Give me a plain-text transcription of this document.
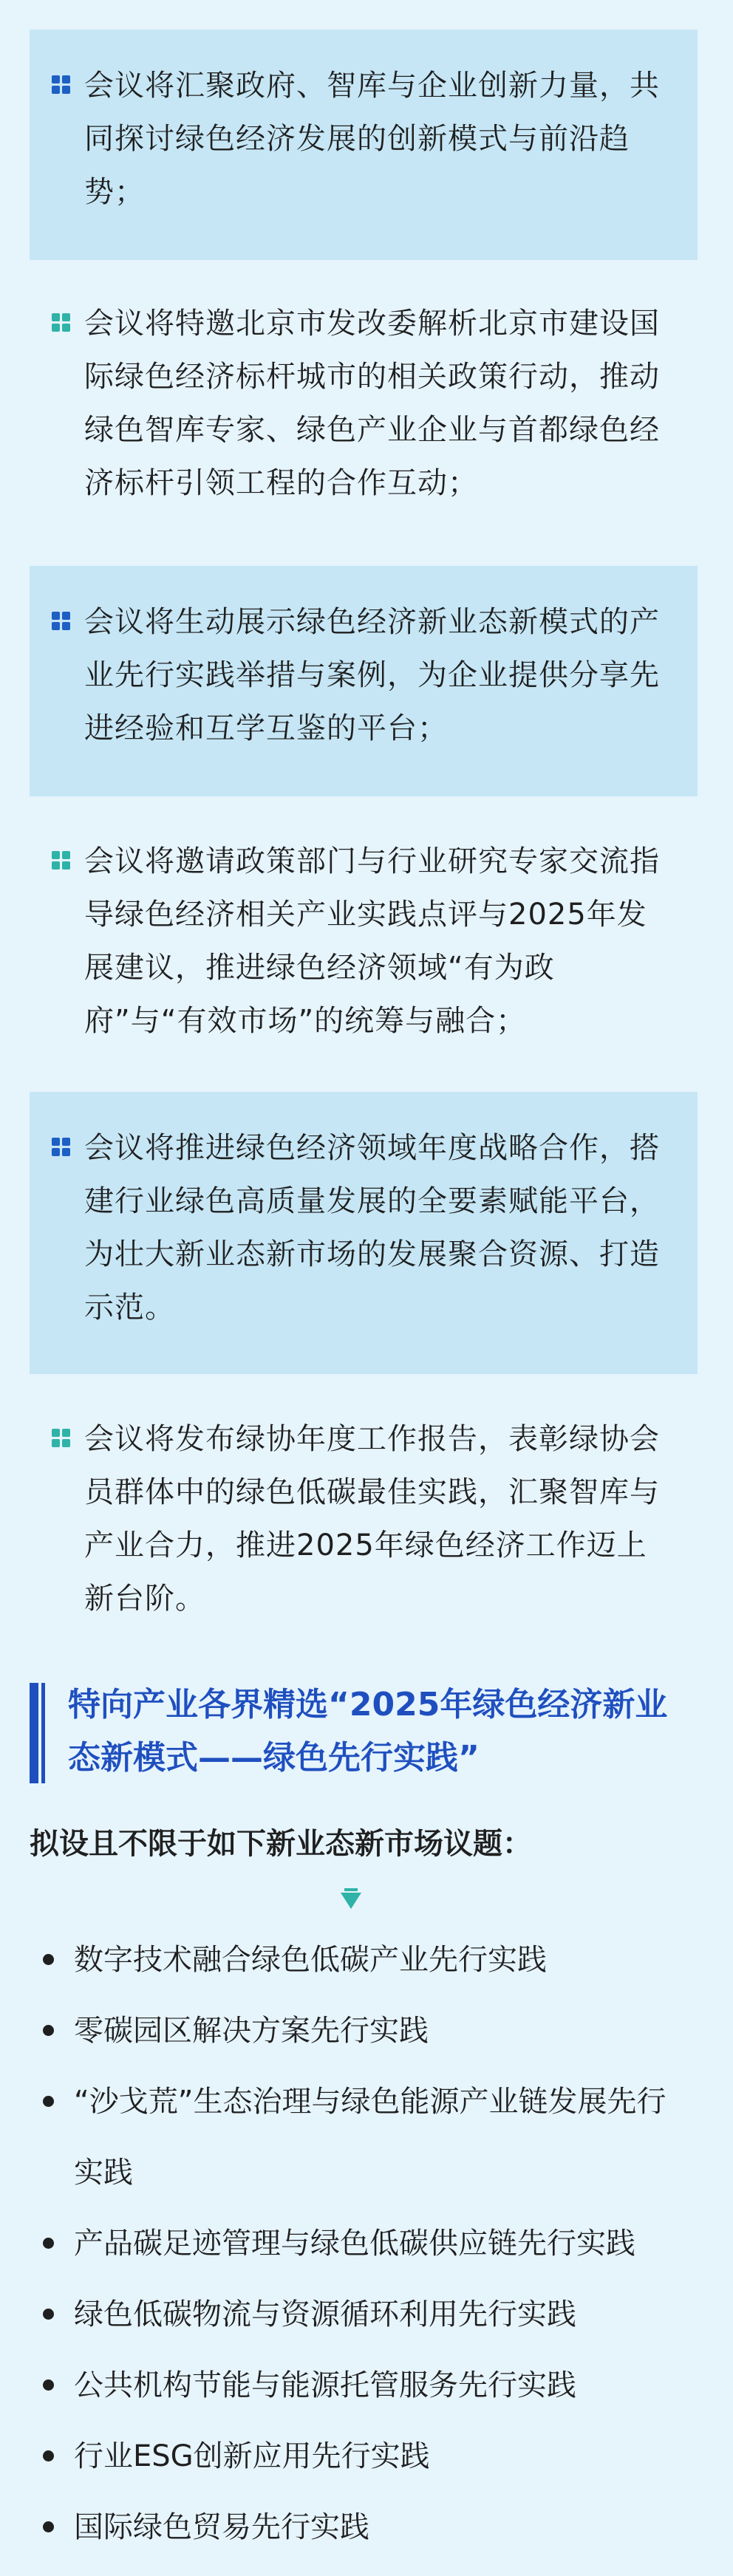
会议将汇聚政府、智库与企业创新力量，共同探讨绿色经济发展的创新模式与前沿趋势；
会议将特邀北京市发改委解析北京市建设国际绿色经济标杆城市的相关政策行动，推动绿色智库专家、绿色产业企业与首都绿色经济标杆引领工程的合作互动；
会议将生动展示绿色经济新业态新模式的产业先行实践举措与案例，为企业提供分享先进经验和互学互鉴的平台；
会议将邀请政策部门与行业研究专家交流指导绿色经济相关产业实践点评与2025年发展建议，推进绿色经济领域“有为政府”与“有效市场”的统筹与融合；
会议将推进绿色经济领域年度战略合作，搭建行业绿色高质量发展的全要素赋能平台，为壮大新业态新市场的发展聚合资源、打造示范。
会议将发布绿协年度工作报告，表彰绿协会员群体中的绿色低碳最佳实践，汇聚智库与产业合力，推进2025年绿色经济工作迈上新台阶。
特向产业各界精选“2025年绿色经济新业态新模式——绿色先行实践”
拟设且不限于如下新业态新市场议题：
数字技术融合绿色低碳产业先行实践
零碳园区解决方案先行实践
“沙戈荒”生态治理与绿色能源产业链发展先行实践
产品碳足迹管理与绿色低碳供应链先行实践
绿色低碳物流与资源循环利用先行实践
公共机构节能与能源托管服务先行实践
行业ESG创新应用先行实践
国际绿色贸易先行实践
